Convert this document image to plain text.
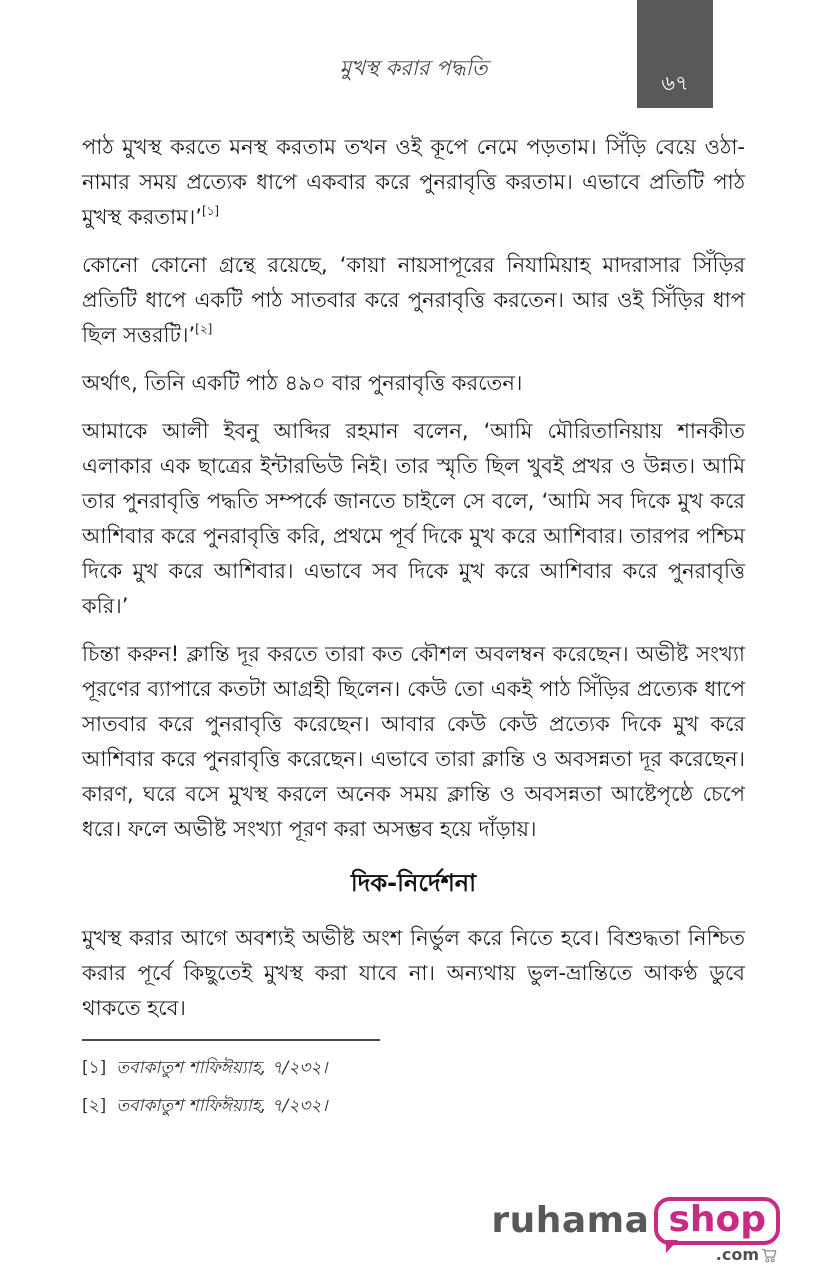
৬৭
মুখস্থ করার পদ্ধতি

পাঠ মুখস্থ করতে মনস্থ করতাম তখন ওই কূপে নেমে পড়তাম। সিঁড়ি বেয়ে ওঠা-নামার সময় প্রত্যেক ধাপে একবার করে পুনরাবৃত্তি করতাম। এভাবে প্রতিটি পাঠ মুখস্থ করতাম।’[১]

কোনো কোনো গ্রন্থে রয়েছে, ‘কায়া নায়সাপূরের নিযামিয়াহ মাদরাসার সিঁড়ির প্রতিটি ধাপে একটি পাঠ সাতবার করে পুনরাবৃত্তি করতেন। আর ওই সিঁড়ির ধাপ ছিল সত্তরটি।’[২]

অর্থাৎ, তিনি একটি পাঠ ৪৯০ বার পুনরাবৃত্তি করতেন।

আমাকে আলী ইবনু আব্দির রহমান বলেন, ‘আমি মৌরিতানিয়ায় শানকীত এলাকার এক ছাত্রের ইন্টারভিউ নিই। তার স্মৃতি ছিল খুবই প্রখর ও উন্নত। আমি তার পুনরাবৃত্তি পদ্ধতি সম্পর্কে জানতে চাইলে সে বলে, ‘আমি সব দিকে মুখ করে আশিবার করে পুনরাবৃত্তি করি, প্রথমে পূর্ব দিকে মুখ করে আশিবার। তারপর পশ্চিম দিকে মুখ করে আশিবার। এভাবে সব দিকে মুখ করে আশিবার করে পুনরাবৃত্তি করি।’

চিন্তা করুন! ক্লান্তি দূর করতে তারা কত কৌশল অবলম্বন করেছেন। অভীষ্ট সংখ্যা পূরণের ব্যাপারে কতটা আগ্রহী ছিলেন। কেউ তো একই পাঠ সিঁড়ির প্রত্যেক ধাপে সাতবার করে পুনরাবৃত্তি করেছেন। আবার কেউ কেউ প্রত্যেক দিকে মুখ করে আশিবার করে পুনরাবৃত্তি করেছেন। এভাবে তারা ক্লান্তি ও অবসন্নতা দূর করেছেন। কারণ, ঘরে বসে মুখস্থ করলে অনেক সময় ক্লান্তি ও অবসন্নতা আষ্টেপৃষ্ঠে চেপে ধরে। ফলে অভীষ্ট সংখ্যা পূরণ করা অসম্ভব হয়ে দাঁড়ায়।

দিক-নির্দেশনা

মুখস্থ করার আগে অবশ্যই অভীষ্ট অংশ নির্ভুল করে নিতে হবে। বিশুদ্ধতা নিশ্চিত করার পূর্বে কিছুতেই মুখস্থ করা যাবে না। অন্যথায় ভুল-ভ্রান্তিতে আকণ্ঠ ডুবে থাকতে হবে।

[১] তবাকাতুশ শাফিঈয়্যাহ, ৭/২৩২।
[২] তবাকাতুশ শাফিঈয়্যাহ, ৭/২৩২।
ruhama shop
.com
